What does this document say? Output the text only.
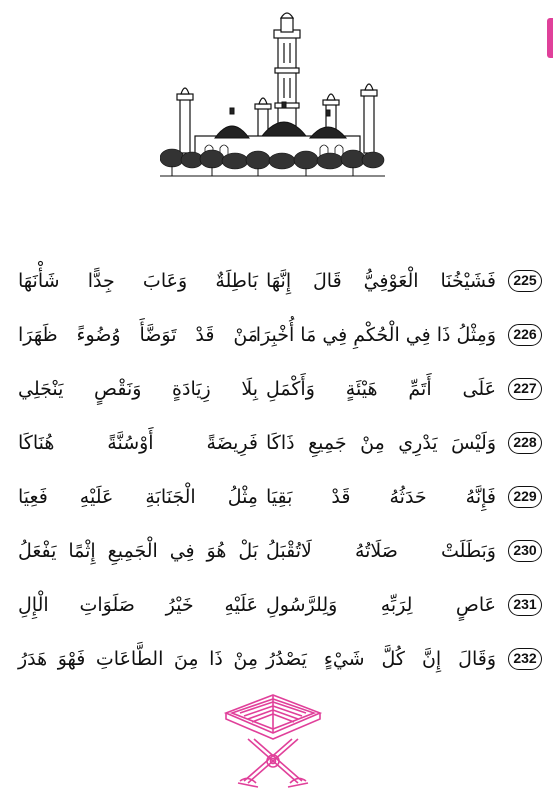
225
فَشَيْخُنَا الْعَوْفِيُّ قَالَ إِنَّهَا
بَاطِلَةٌ وَعَابَ جِدًّا شَأْنَهَا
226
وَمِثْلُ ذَا فِي الْحُكْمِ فِي مَا أُخْبِرَا
مَنْ قَدْ تَوَضَّأَ وُضُوءً ظَهَرَا
227
عَلَى أَتَمِّ هَيْئَةٍ وَأَكْمَلِ
بِلَا زِيَادَةٍ وَنَقْصٍ يَنْجَلِي
228
وَلَيْسَ يَدْرِي مِنْ جَمِيعِ ذَاكَا
فَرِيضَةً أَوْسُنَّةً هُنَاكَا
229
فَإِنَّهُ حَدَثُهُ قَدْ بَقِيَا
مِثْلُ الْجَنَابَةِ عَلَيْهِ فَعِيَا
230
وَبَطَلَتْ صَلَاتُهُ لَاتُقْبَلُ
بَلْ هُوَ فِي الْجَمِيعِ إِثْمًا يَفْعَلُ
231
عَاصٍ لِرَبِّهِ وَلِلرَّسُولِ
عَلَيْهِ خَيْرُ صَلَوَاتِ الْإِلِ
232
وَقَالَ إِنَّ كُلَّ شَيْءٍ يَصْدُرُ
مِنْ ذَا مِنَ الطَّاعَاتِ فَهْوَ هَدَرُ
